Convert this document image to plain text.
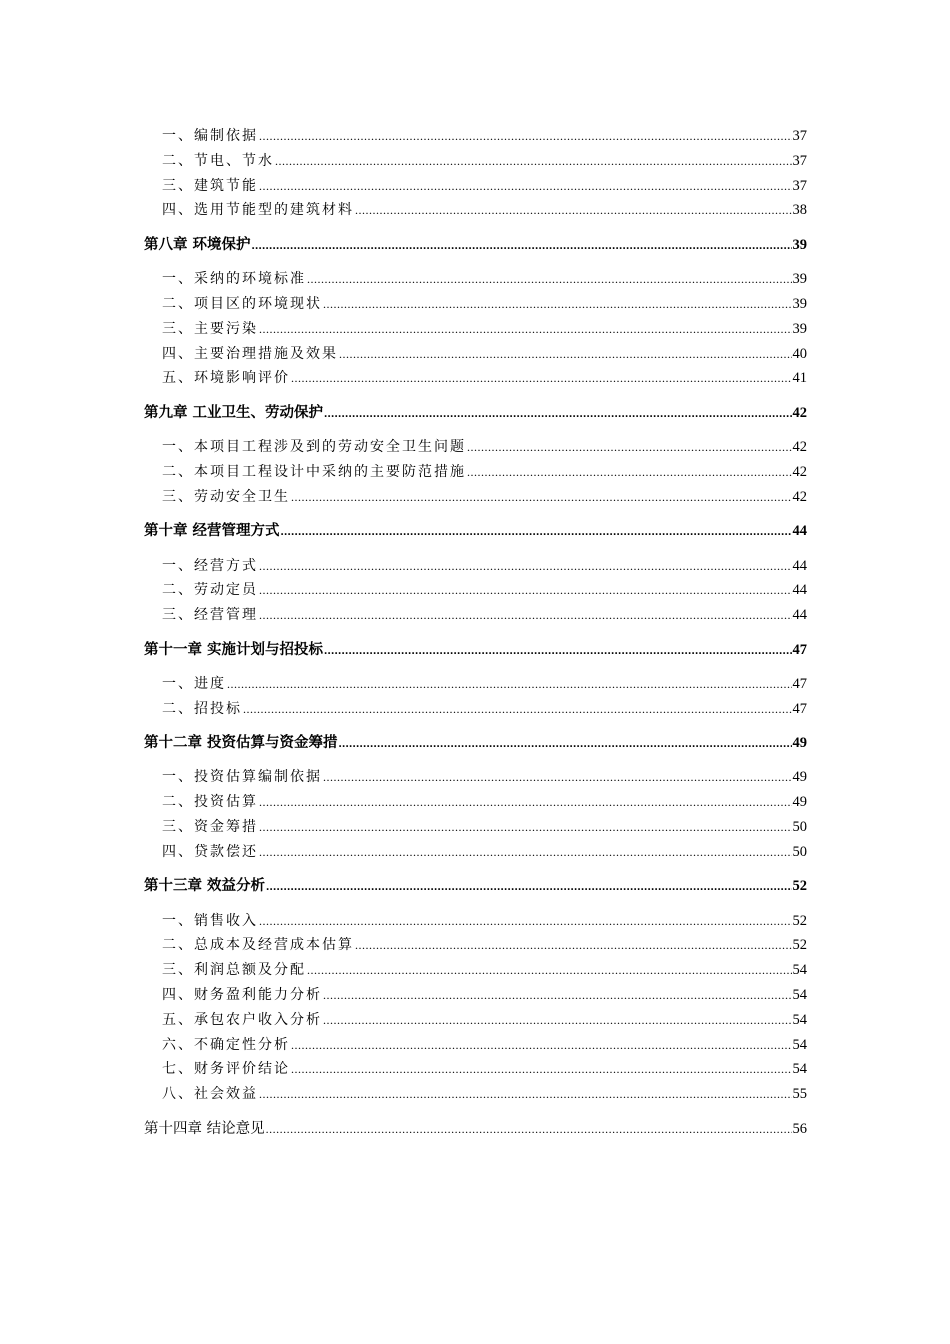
一、编制依据 .....	37
二、节电、节水 .....	37
三、建筑节能 .....	37
四、选用节能型的建筑材料 .....	38
第八章 环境保护 .....	39
一、采纳的环境标准 .....	39
二、项目区的环境现状 .....	39
三、主要污染 .....	39
四、主要治理措施及效果 .....	40
五、环境影响评价 .....	41
第九章 工业卫生、劳动保护 .....	42
一、本项目工程涉及到的劳动安全卫生问题 .....	42
二、本项目工程设计中采纳的主要防范措施 .....	42
三、劳动安全卫生 .....	42
第十章 经营管理方式 .....	44
一、经营方式 .....	44
二、劳动定员 .....	44
三、经营管理 .....	44
第十一章 实施计划与招投标 .....	47
一、进度 .....	47
二、招投标 .....	47
第十二章 投资估算与资金筹措 .....	49
一、投资估算编制依据 .....	49
二、投资估算 .....	49
三、资金筹措 .....	50
四、贷款偿还 .....	50
第十三章 效益分析 .....	52
一、销售收入 .....	52
二、总成本及经营成本估算 .....	52
三、利润总额及分配 .....	54
四、财务盈利能力分析 .....	54
五、承包农户收入分析 .....	54
六、不确定性分析 .....	54
七、财务评价结论 .....	54
八、社会效益 .....	55
第十四章 结论意见 .....	56
